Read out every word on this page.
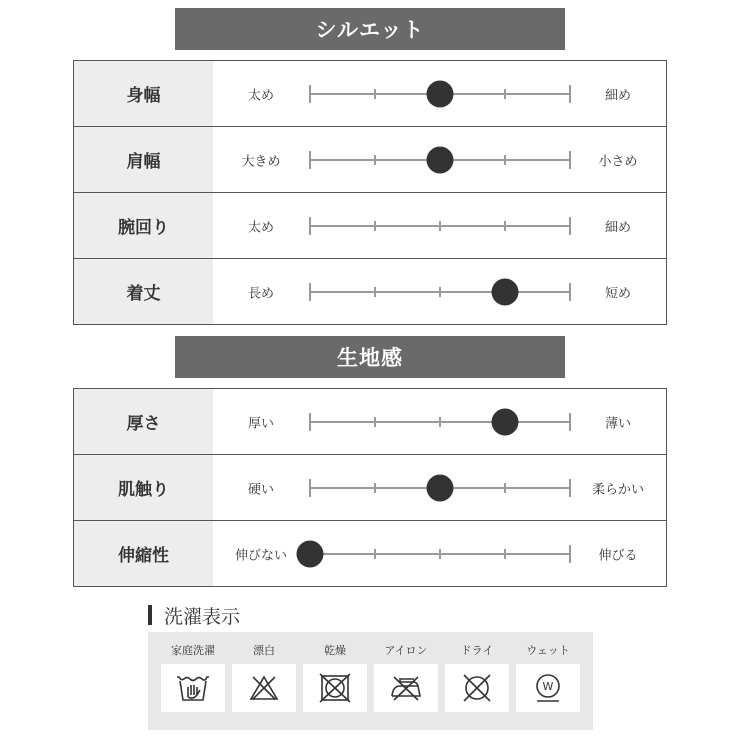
シルエット
身幅	太め	細め
肩幅	大きめ	小さめ
腕回り	太め	細め
着丈	長め	短め
生地感
厚さ	厚い	薄い
肌触り	硬い	柔らかい
伸縮性	伸びない	伸びる
洗濯表示
家庭洗濯	漂白	乾燥	アイロン	ドライ	ウェット
W
